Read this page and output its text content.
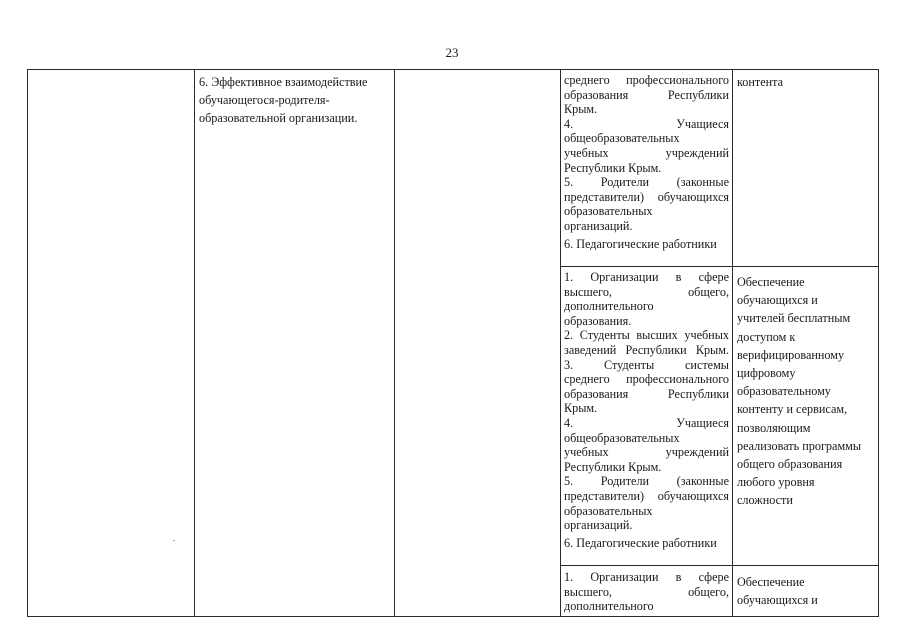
23
6. Эффективное взаимодействие
обучающегося-родителя-
образовательной организации.
среднего профессионального
образования Республики
Крым.
4. Учащиеся
общеобразовательных
учебных учреждений
Республики Крым.
5. Родители (законные
представители) обучающихся
образовательных
организаций.
6. Педагогические работники
контента
1. Организации в сфере
высшего, общего,
дополнительного
образования.
2. Студенты высших учебных
заведений Республики Крым.
3. Студенты системы
среднего профессионального
образования Республики
Крым.
4. Учащиеся
общеобразовательных
учебных учреждений
Республики Крым.
5. Родители (законные
представители) обучающихся
образовательных
организаций.
6. Педагогические работники
Обеспечение
обучающихся и
учителей бесплатным
доступом к
верифицированному
цифровому
образовательному
контенту и сервисам,
позволяющим
реализовать программы
общего образования
любого уровня
сложности
1. Организации в сфере
высшего, общего,
дополнительного
Обеспечение
обучающихся и
